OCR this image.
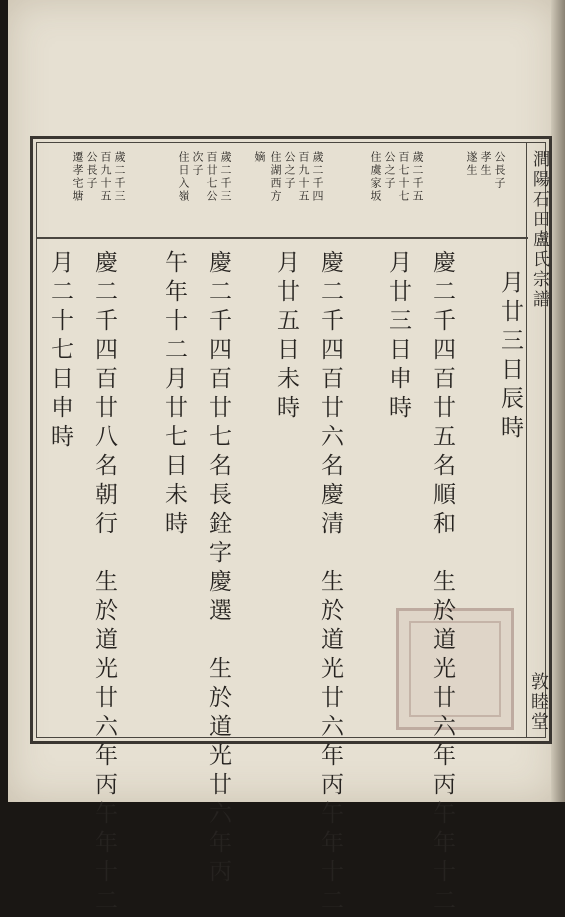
澗陽石田盧氏宗譜
敦睦堂
公長子
孝生
遂生
歲二千五
百七十七
公之子
住虞家坂
歲二千四
百九十五
公之子
住湖西方
嫡
歲二千三
百廿七公
次子
住日入嶺
歲二千三
百九十五
公長子
遷孝宅塘
月廿三日辰時
慶二千四百廿五名順和　生於道光廿六年丙午年十二
月廿三日申時
慶二千四百廿六名慶清　生於道光廿六年丙午年十二
月廿五日未時
慶二千四百廿七名長銓字慶選　生於道光廿六年丙
午年十二月廿七日未時
慶二千四百廿八名朝行　生於道光廿六年丙午年十二
月二十七日申時
